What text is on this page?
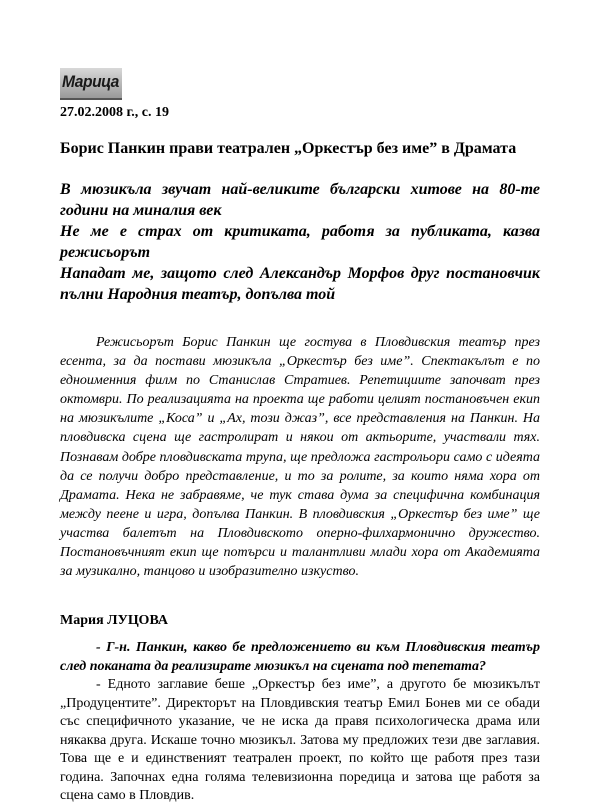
Марица
27.02.2008 г., с. 19
Борис Панкин прави театрален „Оркестър без име” в Драмата

В мюзикъла звучат най-великите български хитове на 80-те години на миналия век

Не ме е страх от критиката, работя за публиката, казва режисьорът

Нападат ме, защото след Александър Морфов друг постановчик пълни Народния театър, допълва той

Режисьорът Борис Панкин ще гостува в Пловдивския театър през есента, за да постави мюзикъла „Оркестър без име”. Спектакълът е по едноименния филм по Станислав Стратиев. Репетициите започват през октомври. По реализацията на проекта ще работи целият постановъчен екип на мюзикълите „Коса” и „Ах, този джаз”, все представления на Панкин. На пловдивска сцена ще гастролират и някои от актьорите, участвали тях. Познавам добре пловдивската трупа, ще предложа гастрольори само с идеята да се получи добро представление, и то за ролите, за които няма хора от Драмата. Нека не забравяме, че тук става дума за специфична комбинация между пеене и игра, допълва Панкин. В пловдивския „Оркестър без име” ще участва балетът на Пловдивското оперно-филхармонично дружество. Постановъчният екип ще потърси и талантливи млади хора от Академията за музикално, танцово и изобразително изкуство.

Мария ЛУЦОВА

- Г-н. Панкин, какво бе предложението ви към Пловдивския театър след поканата да реализирате мюзикъл на сцената под тепетата?

- Едното заглавие беше „Оркестър без име”, а другото бе мюзикълът „Продуцентите”. Директорът на Пловдивския театър Емил Бонев ми се обади със специфичното указание, че не иска да правя психологическа драма или някаква друга. Искаше точно мюзикъл. Затова му предложих тези две заглавия. Това ще е и единственият театрален проект, по който ще работя през тази година. Започнах една голяма телевизионна поредица и затова ще работя за сцена само в Пловдив.
